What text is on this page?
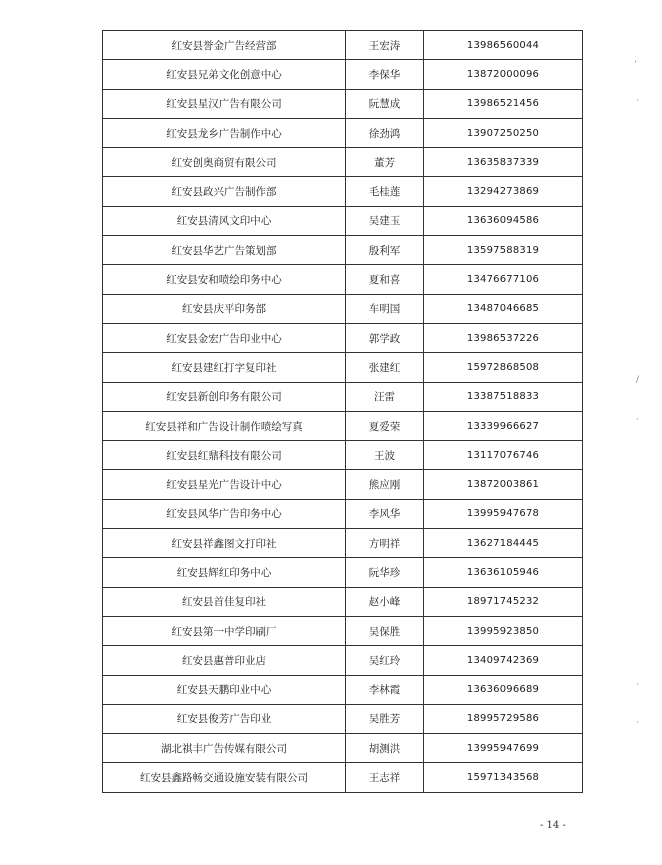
红安县誉金广告经营部	王宏涛	13986560044
红安县兄弟文化创意中心	李保华	13872000096
红安县星汉广告有限公司	阮慧成	13986521456
红安县龙乡广告制作中心	徐劲鸿	13907250250
红安创奥商贸有限公司	董芳	13635837339
红安县政兴广告制作部	毛桂莲	13294273869
红安县清风文印中心	吴建玉	13636094586
红安县华艺广告策划部	殷利军	13597588319
红安县安和喷绘印务中心	夏和喜	13476677106
红安县庆平印务部	车明国	13487046685
红安县金宏广告印业中心	郭学政	13986537226
红安县建红打字复印社	张建红	15972868508
红安县新创印务有限公司	汪雷	13387518833
红安县祥和广告设计制作喷绘写真	夏爱荣	13339966627
红安县红鼎科技有限公司	王波	13117076746
红安县星光广告设计中心	熊应刚	13872003861
红安县风华广告印务中心	李风华	13995947678
红安县祥鑫图文打印社	方明祥	13627184445
红安县辉红印务中心	阮华珍	13636105946
红安县首佳复印社	赵小峰	18971745232
红安县第一中学印刷厂	吴保胜	13995923850
红安县惠普印业店	吴红玲	13409742369
红安县天鹏印业中心	李林霞	13636096689
红安县俊芳广告印业	吴胜芳	18995729586
湖北祺丰广告传媒有限公司	胡测洪	13995947699
红安县鑫路畅交通设施安装有限公司	王志祥	15971343568
- 14 -
ʼ
·
/
·
·
·
